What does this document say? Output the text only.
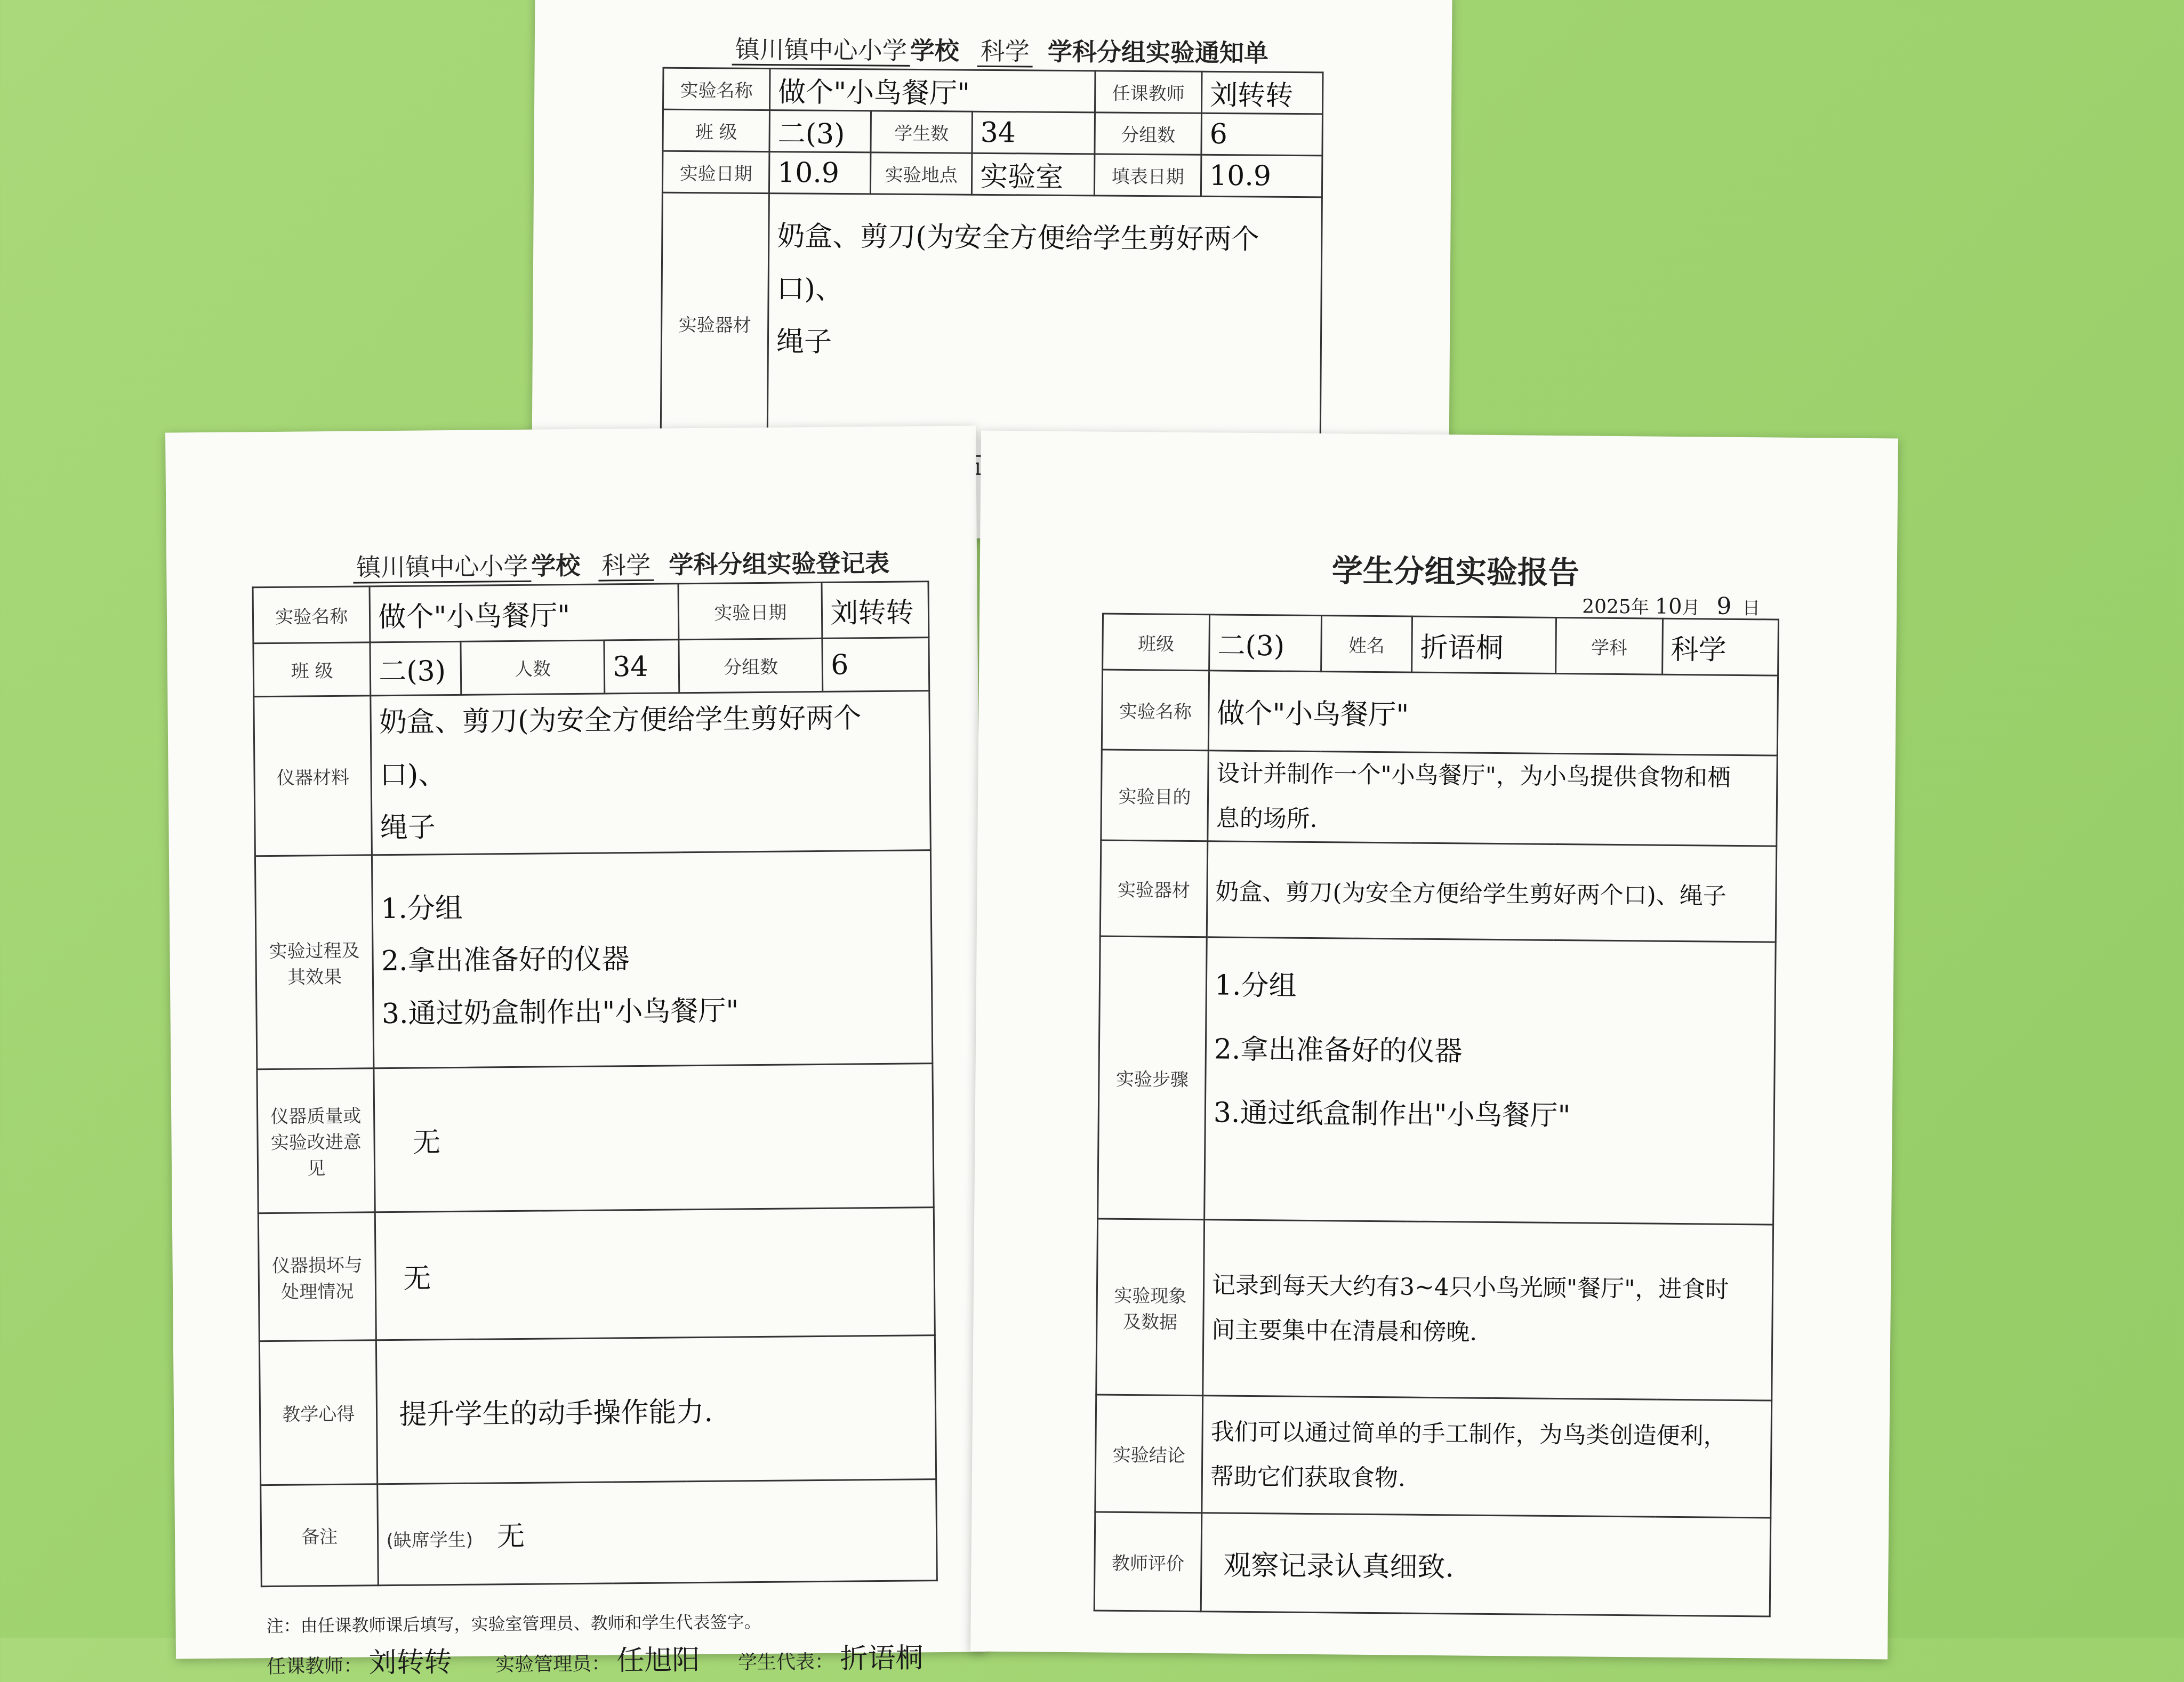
镇川镇中心小学 学校 科学 学科分组实验通知单
实验名称	做个"小鸟餐厅"			任课教师	刘转转
班 级	二(3)	学生数	34	分组数	6
实验日期	10.9	实验地点	实验室	填表日期	10.9
实验器材	奶盒、剪刀(为安全方便给学生剪好两个口)、
绳子				
镇川镇中心小学 学校 科学 学科分组实验登记表
实验名称	做个"小鸟餐厅"			实验日期	刘转转
班 级	二(3)	人数	34	分组数	6
仪器材料	奶盒、剪刀(为安全方便给学生剪好两个口)、
绳子				

实验过程及其效果	1.分组
2.拿出准备好的仪器
3.通过奶盒制作出"小鸟餐厅"				

仪器质量或实验改进意见	无				
仪器损坏与处理情况	无				
教学心得	提升学生的动手操作能力.				
备注	(缺席学生) 无				
注：由任课教师课后填写，实验室管理员、教师和学生代表签字。
任课教师： 刘转转 实验管理员： 任旭阳 学生代表： 折语桐
学生分组实验报告
2025年 10月 9 日
班级	二(3)	姓名	折语桐	学科	科学
实验名称	做个"小鸟餐厅"				
实验目的	设计并制作一个"小鸟餐厅"，为小鸟提供食物和栖
息的场所.				

实验器材	奶盒、剪刀(为安全方便给学生剪好两个口)、绳子				
实验步骤	1.分组
2.拿出准备好的仪器
3.通过纸盒制作出"小鸟餐厅"				

实验现象及数据	记录到每天大约有3~4只小鸟光顾"餐厅"，进食时
间主要集中在清晨和傍晚.				

实验结论	我们可以通过简单的手工制作，为鸟类创造便利，
帮助它们获取食物.				

教师评价	观察记录认真细致.				
